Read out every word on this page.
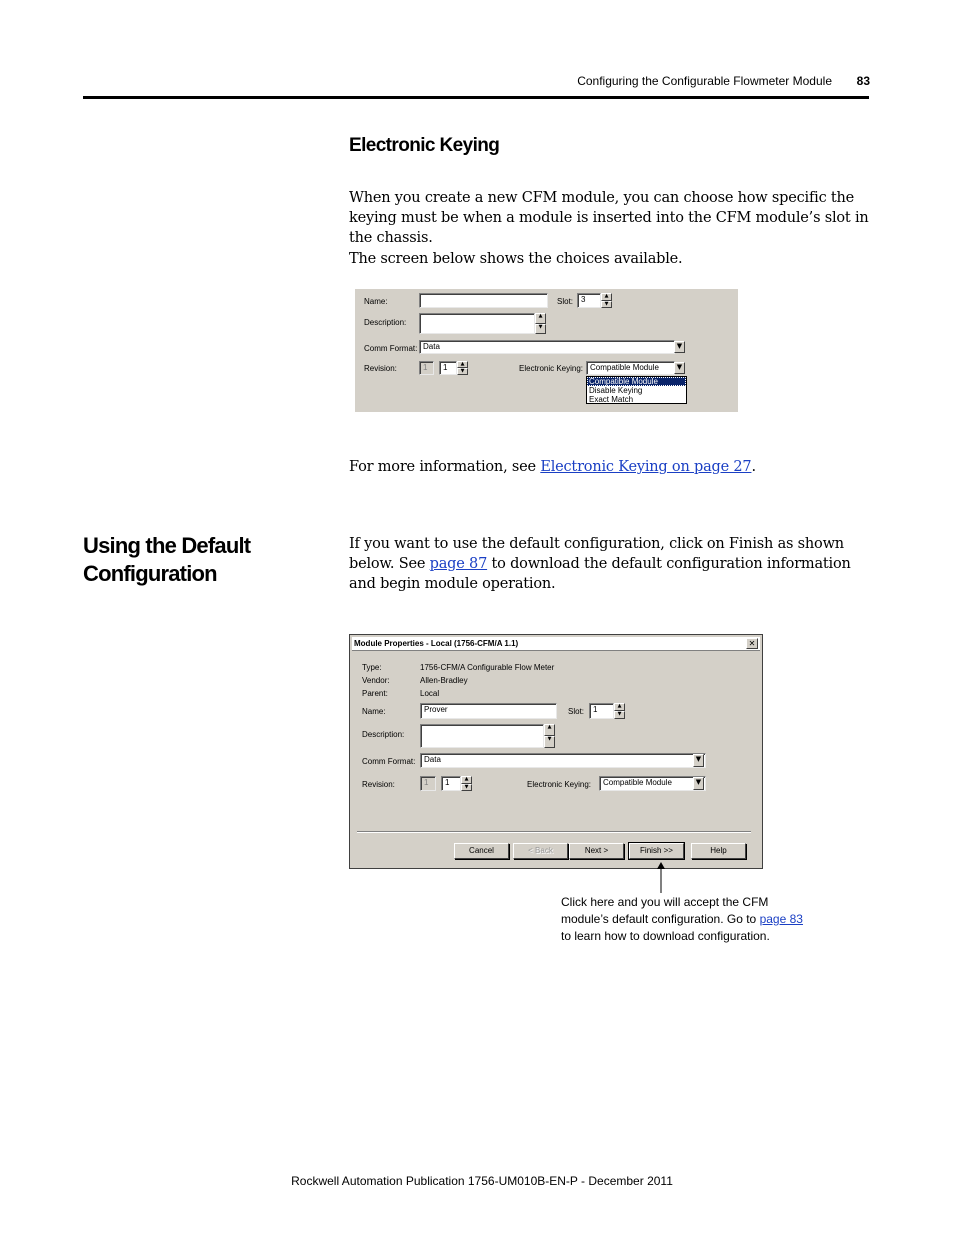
Configuring the Configurable Flowmeter Module	83
Electronic Keying

When you create a new CFM module, you can choose how specific the keying must be when a module is inserted into the CFM module’s slot in the chassis.

The screen below shows the choices available.

Name:	Slot: 3	▲
▼
Description:
▲
▼
Comm Format: Data	▼
Revision:	1 1	▲
▼	Electronic Keying: Compatible Module	▼
Compatible Module
Disable Keying
Exact Match

For more information, see Electronic Keying on page 27.

Using the Default
Configuration

If you want to use the default configuration, click on Finish as shown below. See page 87 to download the default configuration information and begin module operation.

Module Properties - Local (1756-CFM/A 1.1)	✕
Type:	1756-CFM/A Configurable Flow Meter
Vendor:	Allen-Bradley
Parent:	Local
Name:	Prover	Slot: 1	▲
▼
Description:
▲
▼
Comm Format: Data	▼
Revision:	1 1	▲
▼	Electronic Keying: Compatible Module	▼
Cancel	< Back	Next >	Finish >>	Help
Click here and you will accept the CFM
module’s default configuration. Go to page 83
to learn how to download configuration.
Rockwell Automation Publication 1756-UM010B-EN-P - December 2011
